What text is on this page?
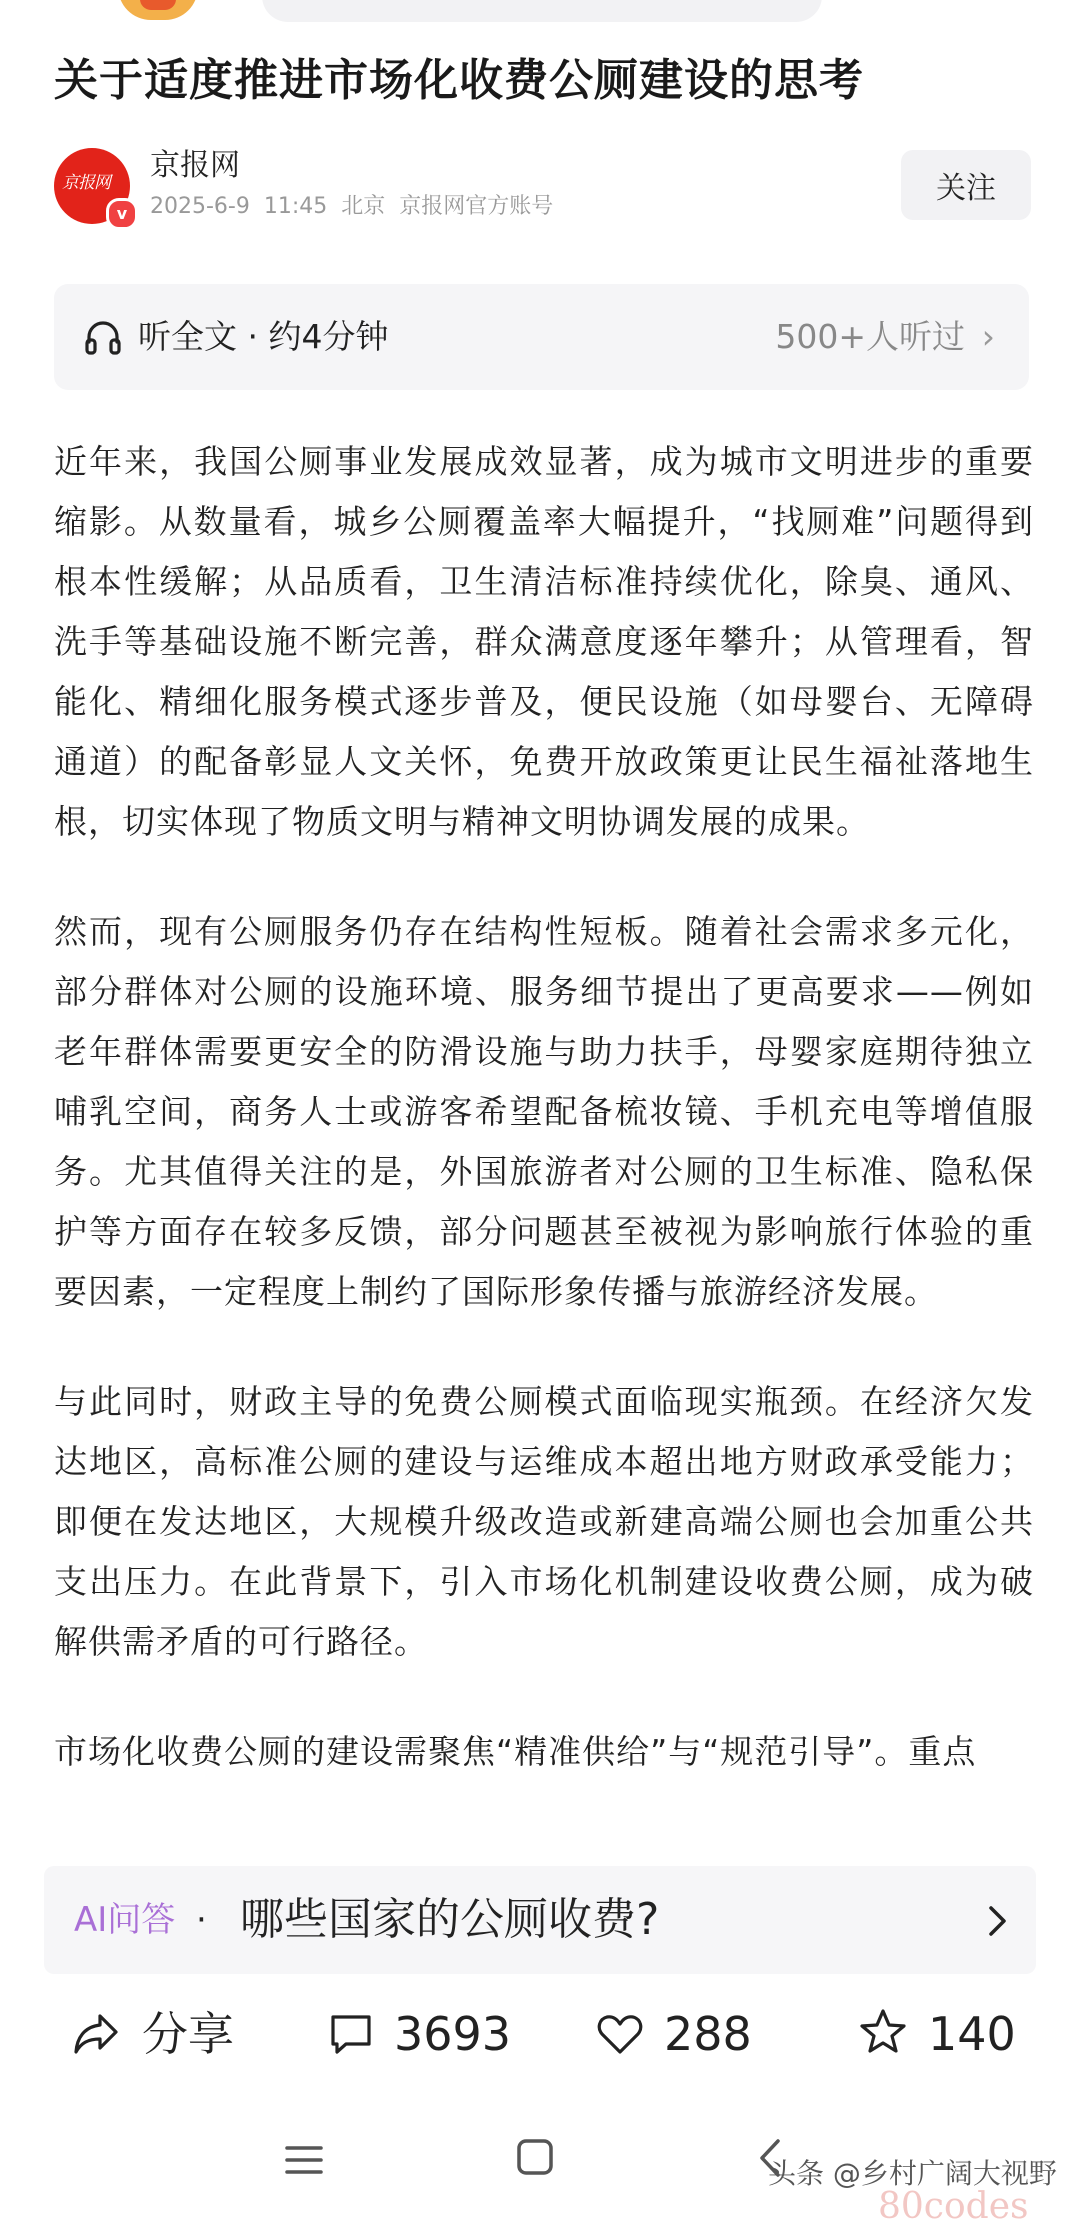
关于适度推进市场化收费公厕建设的思考
京报网
v
京报网
2025-6-9  11:45  北京  京报网官方账号
关注
听全文 · 约4分钟	500+人听过 ›

近年来，我国公厕事业发展成效显著，成为城市文明进步的重要缩影。从数量看，城乡公厕覆盖率大幅提升，“找厕难”问题得到根本性缓解；从品质看，卫生清洁标准持续优化，除臭、通风、洗手等基础设施不断完善，群众满意度逐年攀升；从管理看，智能化、精细化服务模式逐步普及，便民设施（如母婴台、无障碍通道）的配备彰显人文关怀，免费开放政策更让民生福祉落地生根，切实体现了物质文明与精神文明协调发展的成果。

然而，现有公厕服务仍存在结构性短板。随着社会需求多元化，部分群体对公厕的设施环境、服务细节提出了更高要求——例如老年群体需要更安全的防滑设施与助力扶手，母婴家庭期待独立哺乳空间，商务人士或游客希望配备梳妆镜、手机充电等增值服务。尤其值得关注的是，外国旅游者对公厕的卫生标准、隐私保护等方面存在较多反馈，部分问题甚至被视为影响旅行体验的重要因素，一定程度上制约了国际形象传播与旅游经济发展。

与此同时，财政主导的免费公厕模式面临现实瓶颈。在经济欠发达地区，高标准公厕的建设与运维成本超出地方财政承受能力；即便在发达地区，大规模升级改造或新建高端公厕也会加重公共支出压力。在此背景下，引入市场化机制建设收费公厕，成为破解供需矛盾的可行路径。

市场化收费公厕的建设需聚焦“精准供给”与“规范引导”。重点

AI问答 · 哪些国家的公厕收费?
分享	3693	288	140
头条 @乡村广阔大视野
80codes
